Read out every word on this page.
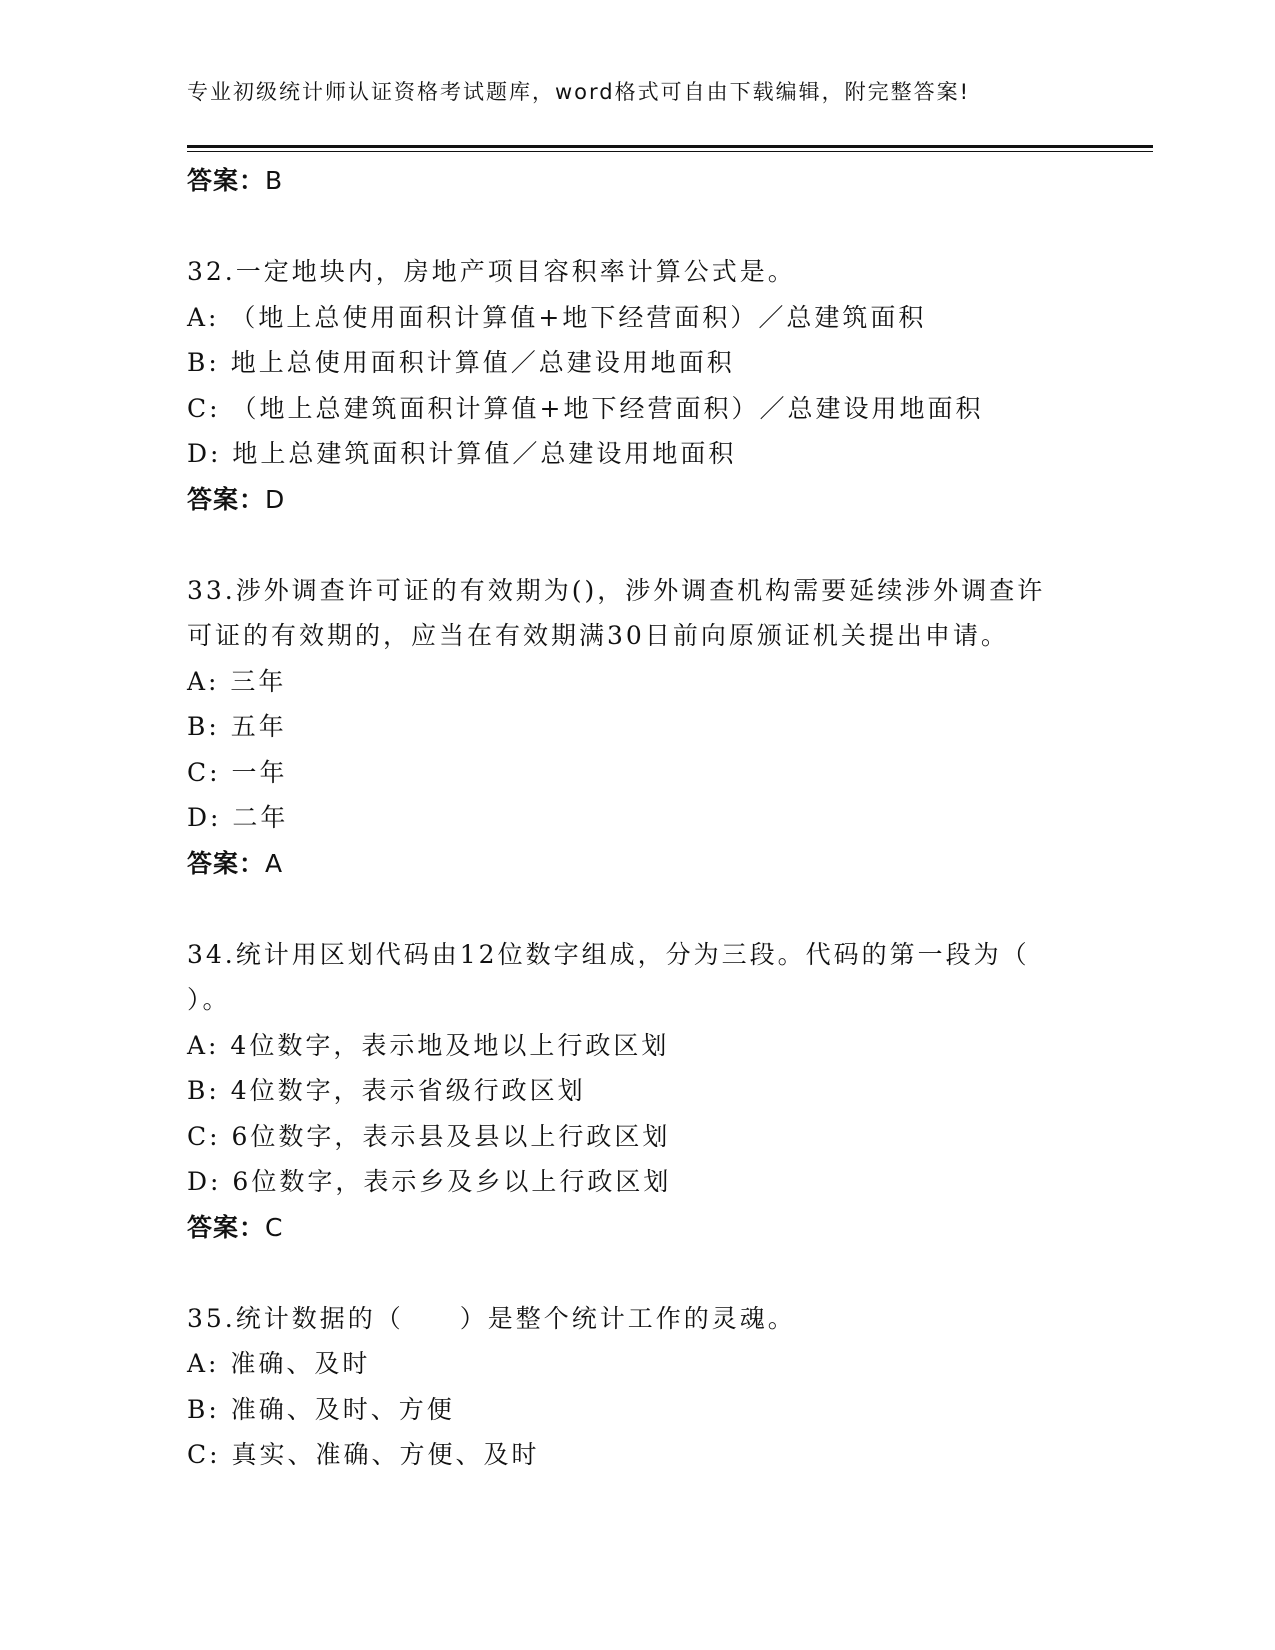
专业初级统计师认证资格考试题库，word格式可自由下载编辑，附完整答案!
答案：B
32.一定地块内，房地产项目容积率计算公式是。
A: （地上总使用面积计算值+地下经营面积）／总建筑面积
B: 地上总使用面积计算值／总建设用地面积
C: （地上总建筑面积计算值+地下经营面积）／总建设用地面积
D: 地上总建筑面积计算值／总建设用地面积
答案：D
33.涉外调查许可证的有效期为()，涉外调查机构需要延续涉外调查许
可证的有效期的，应当在有效期满30日前向原颁证机关提出申请。
A: 三年
B: 五年
C: 一年
D: 二年
答案：A
34.统计用区划代码由12位数字组成，分为三段。代码的第一段为（
）。
A: 4位数字，表示地及地以上行政区划
B: 4位数字，表示省级行政区划
C: 6位数字，表示县及县以上行政区划
D: 6位数字，表示乡及乡以上行政区划
答案：C
35.统计数据的（　　）是整个统计工作的灵魂。
A: 准确、及时
B: 准确、及时、方便
C: 真实、准确、方便、及时
